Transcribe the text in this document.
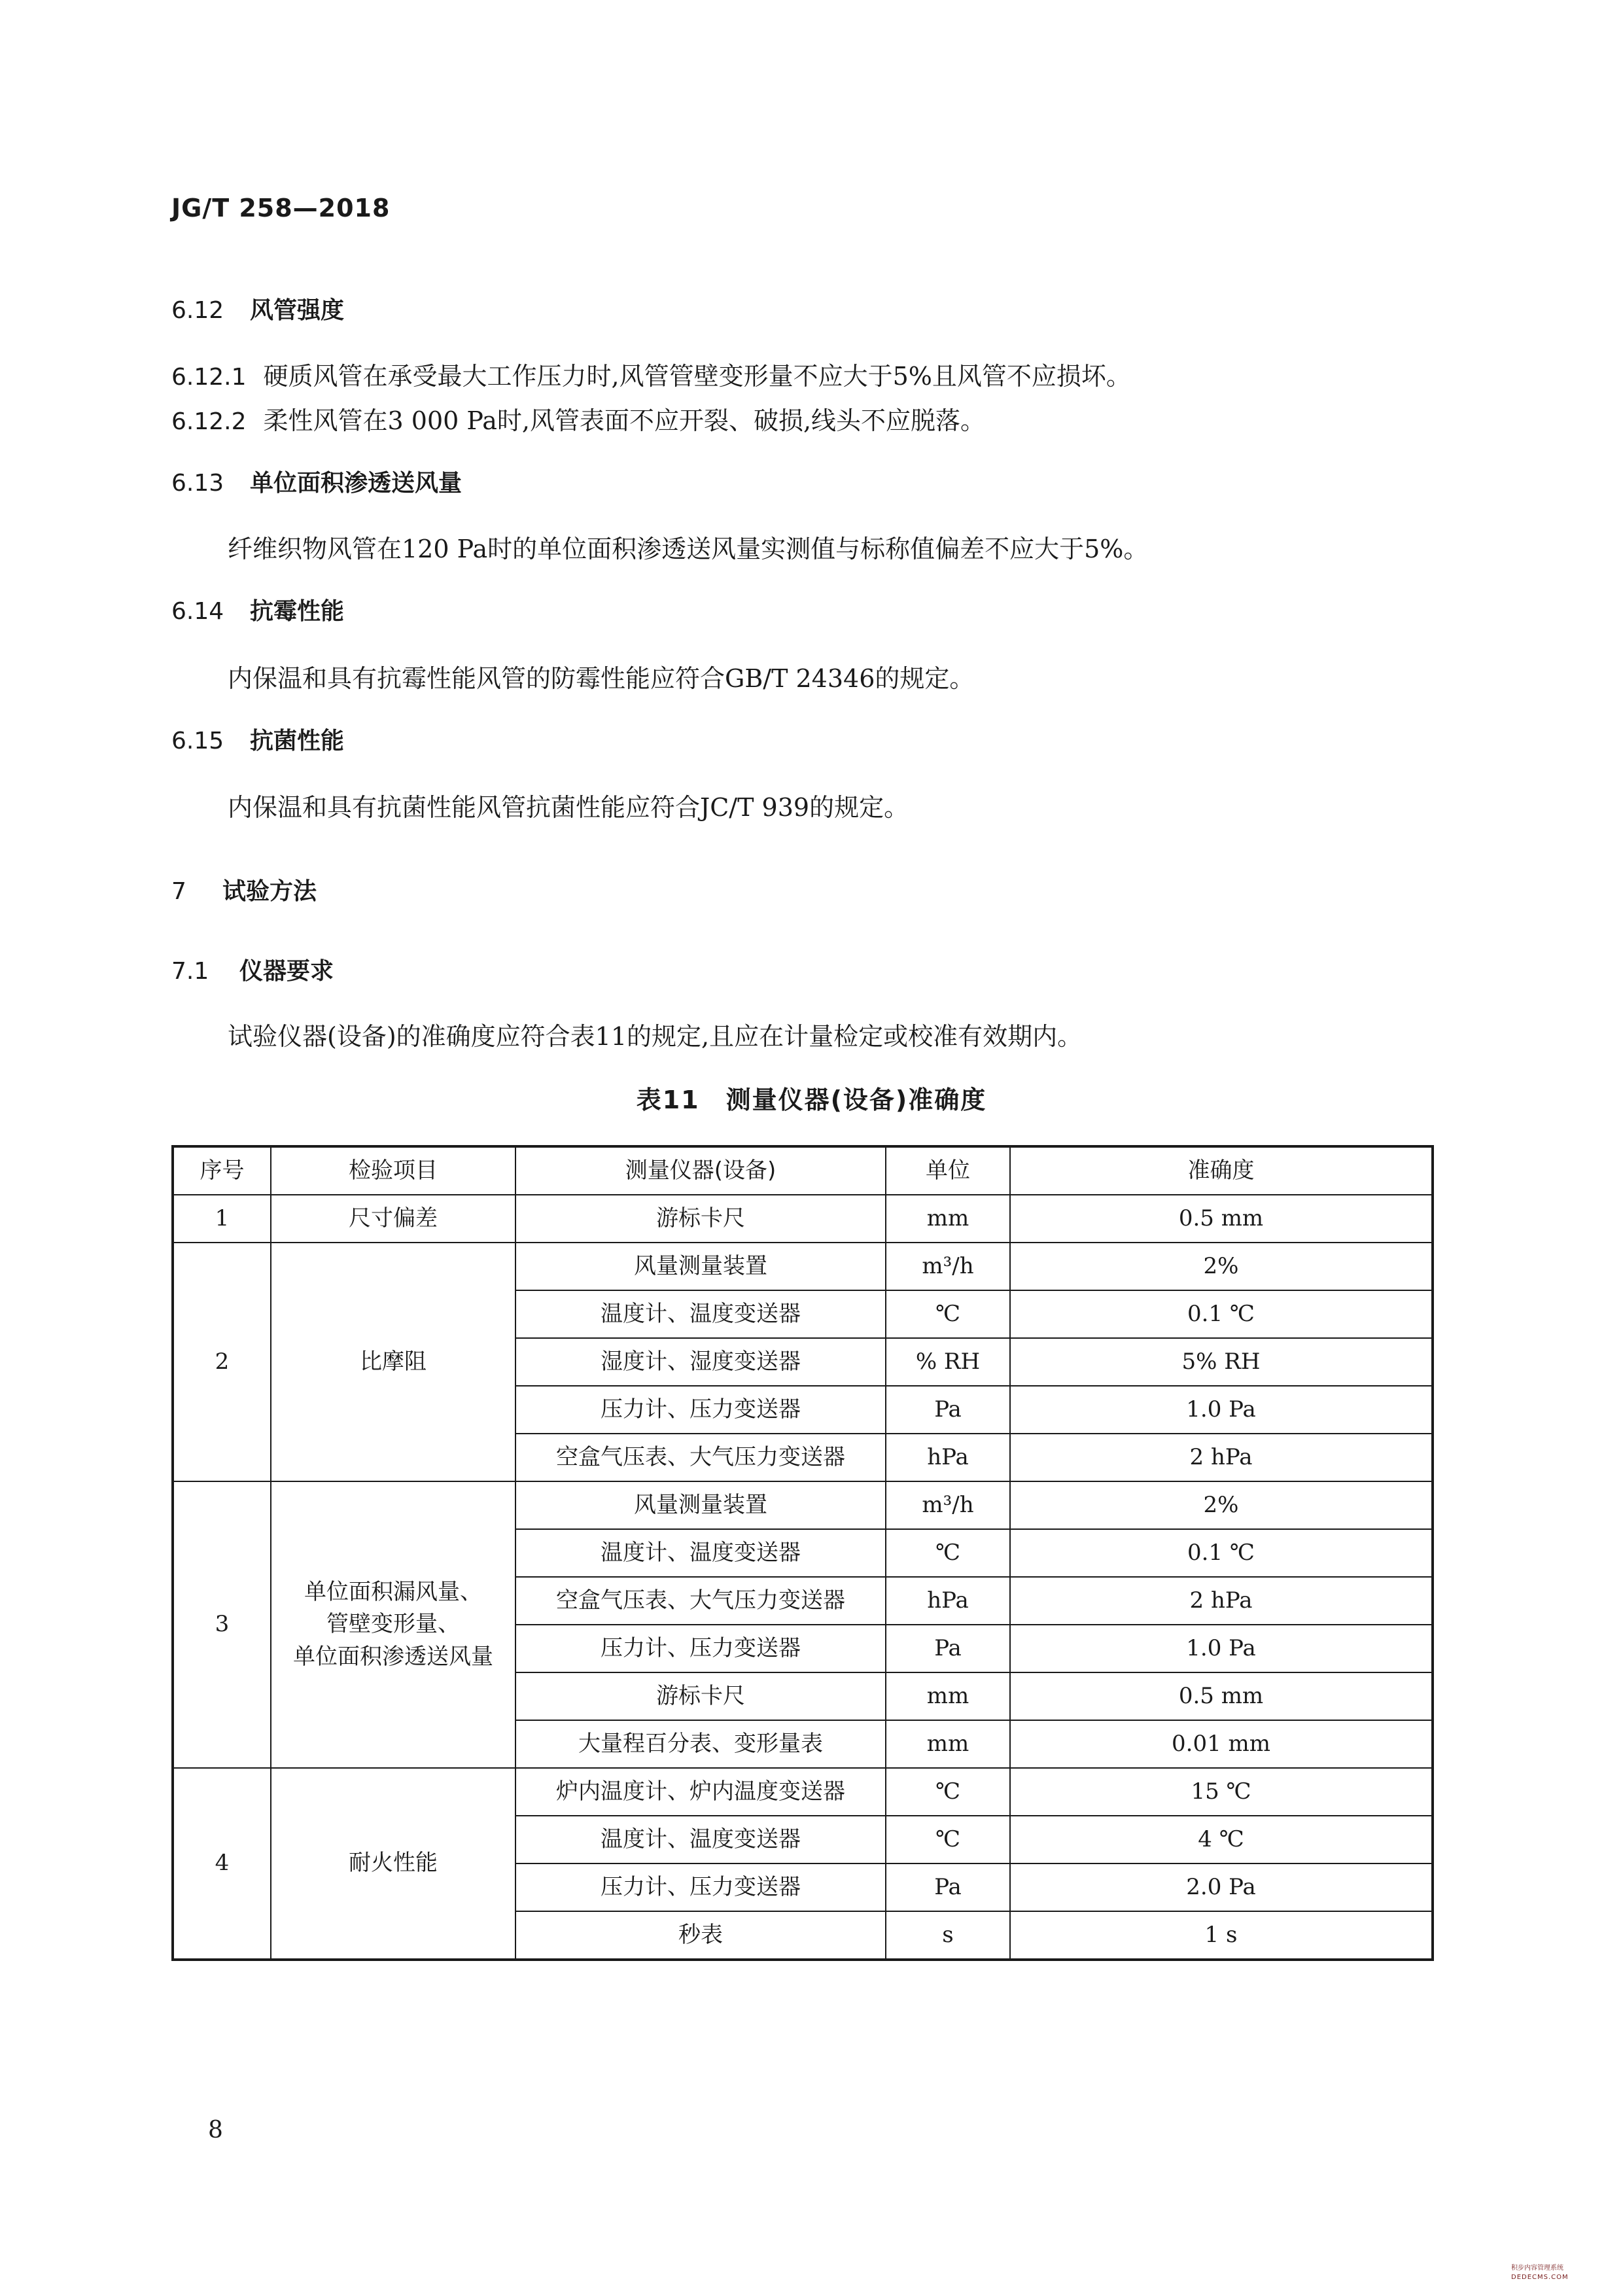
JG/T 258—2018
6.12 风管强度
6.12.1 硬质风管在承受最大工作压力时,风管管壁变形量不应大于5%且风管不应损坏。
6.12.2 柔性风管在3 000 Pa时,风管表面不应开裂、破损,线头不应脱落。
6.13 单位面积渗透送风量
纤维织物风管在120 Pa时的单位面积渗透送风量实测值与标称值偏差不应大于5%。
6.14 抗霉性能
内保温和具有抗霉性能风管的防霉性能应符合GB/T 24346的规定。
6.15 抗菌性能
内保温和具有抗菌性能风管抗菌性能应符合JC/T 939的规定。
7 试验方法
7.1 仪器要求
试验仪器(设备)的准确度应符合表11的规定,且应在计量检定或校准有效期内。
表11　测量仪器(设备)准确度
序号	检验项目	测量仪器(设备)	单位	准确度
1	尺寸偏差	游标卡尺	mm	0.5 mm
2	比摩阻	风量测量装置	m³/h	2%
		温度计、温度变送器	℃	0.1 ℃
		湿度计、湿度变送器	% RH	5% RH
		压力计、压力变送器	Pa	1.0 Pa
		空盒气压表、大气压力变送器	hPa	2 hPa
3	单位面积漏风量、
管壁变形量、
单位面积渗透送风量	风量测量装置	m³/h	2%
		温度计、温度变送器	℃	0.1 ℃
		空盒气压表、大气压力变送器	hPa	2 hPa
		压力计、压力变送器	Pa	1.0 Pa
		游标卡尺	mm	0.5 mm
		大量程百分表、变形量表	mm	0.01 mm
4	耐火性能	炉内温度计、炉内温度变送器	℃	15 ℃
		温度计、温度变送器	℃	4 ℃
		压力计、压力变送器	Pa	2.0 Pa
		秒表	s	1 s
8
积步内容管理系统
DEDECMS.COM
